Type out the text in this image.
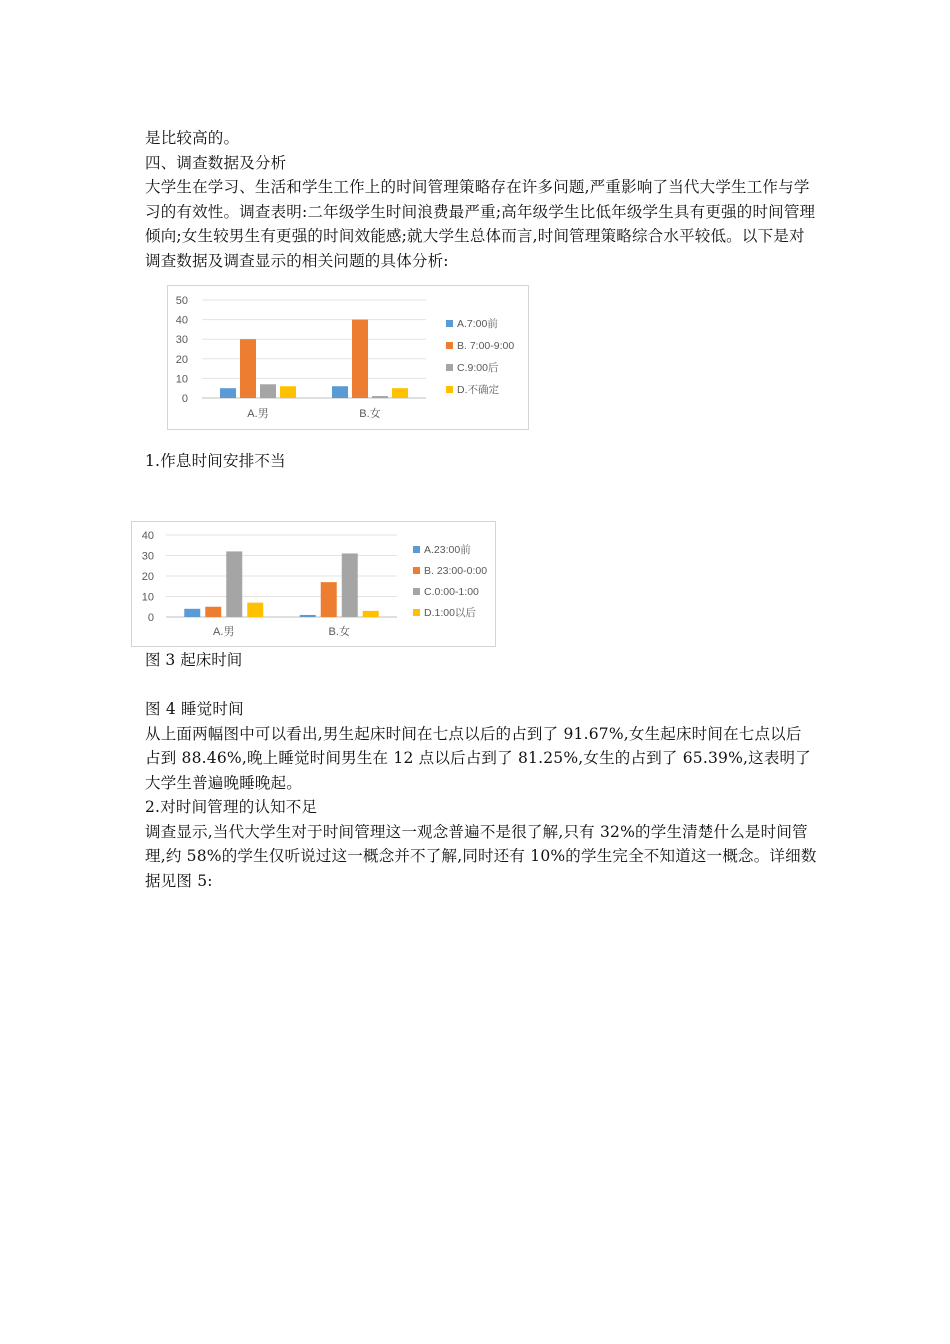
是比较高的。

四、调查数据及分析

大学生在学习、生活和学生工作上的时间管理策略存在许多问题,严重影响了当代大学生工作与学习的有效性。调查表明:二年级学生时间浪费最严重;高年级学生比低年级学生具有更强的时间管理倾向;女生较男生有更强的时间效能感;就大学生总体而言,时间管理策略综合水平较低。以下是对调查数据及调查显示的相关问题的具体分析:

0
10
20
30
40
50
A.男	B.女
A.7:00前
B. 7:00-9:00
C.9:00后
D.不确定

1.作息时间安排不当

0
10
20
30
40
A.男	B.女
A.23:00前
B. 23:00-0:00
C.0:00-1:00
D.1:00以后
图 3 起床时间

图 4 睡觉时间

从上面两幅图中可以看出,男生起床时间在七点以后的占到了 91.67%,女生起床时间在七点以后占到 88.46%,晚上睡觉时间男生在 12 点以后占到了 81.25%,女生的占到了 65.39%,这表明了大学生普遍晚睡晚起。

2.对时间管理的认知不足

调查显示,当代大学生对于时间管理这一观念普遍不是很了解,只有 32%的学生清楚什么是时间管理,约 58%的学生仅听说过这一概念并不了解,同时还有 10%的学生完全不知道这一概念。详细数据见图 5:
